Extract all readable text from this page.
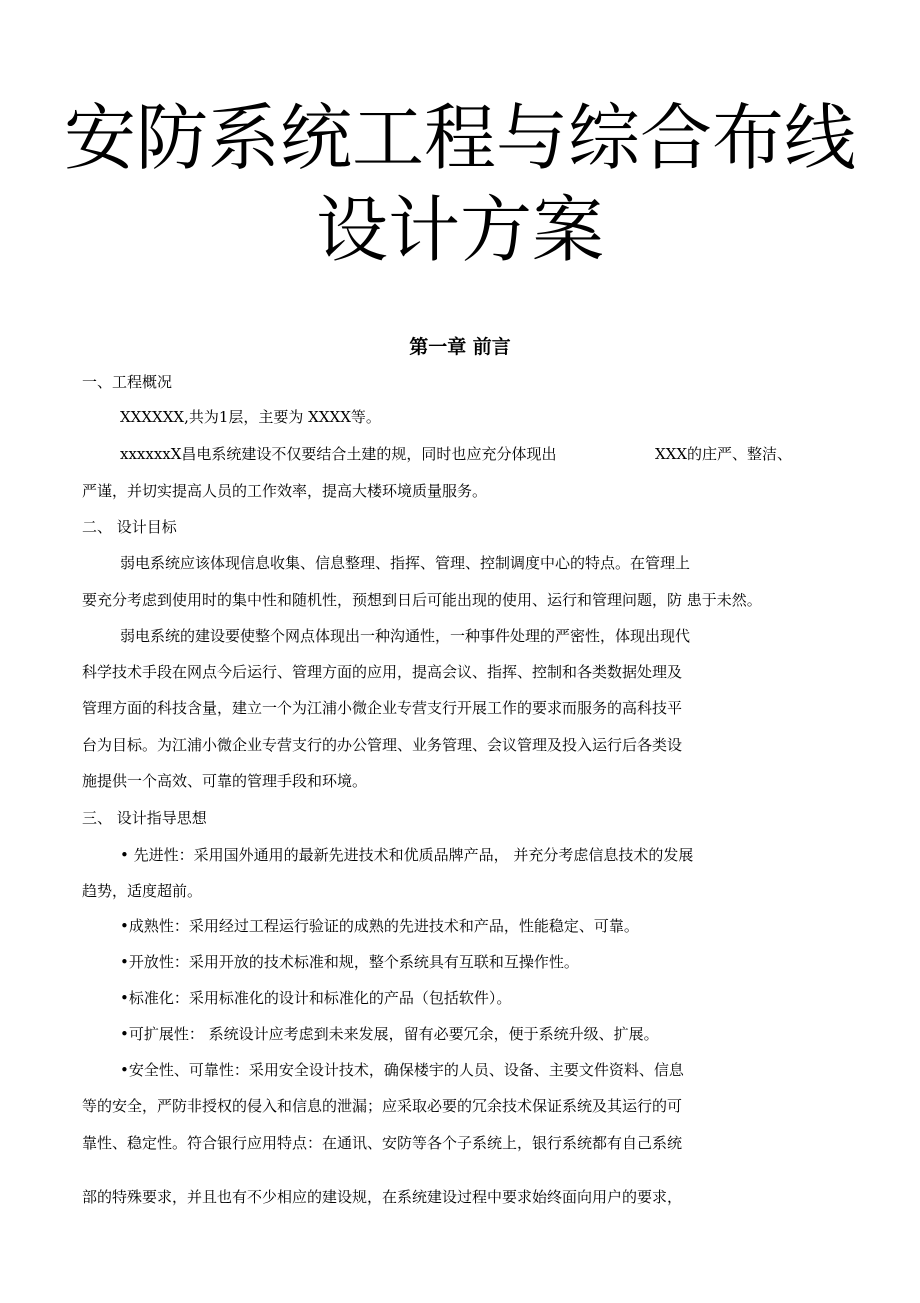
安防系统工程与综合布线
设计方案
第一章 前言
一、工程概况
XXXXXX,共为1层，主要为 XXXX等。
xxxxxxX昌电系统建设不仅要结合土建的规，同时也应充分体现出	XXX的庄严、整洁、
严谨，并切实提高人员的工作效率，提高大楼环境质量服务。
二、 设计目标
弱电系统应该体现信息收集、信息整理、指挥、管理、控制调度中心的特点。在管理上
要充分考虑到使用时的集中性和随机性，预想到日后可能出现的使用、运行和管理问题，防 患于未然。
弱电系统的建设要使整个网点体现出一种沟通性，一种事件处理的严密性，体现出现代
科学技术手段在网点今后运行、管理方面的应用，提高会议、指挥、控制和各类数据处理及
管理方面的科技含量，建立一个为江浦小微企业专营支行开展工作的要求而服务的高科技平
台为目标。为江浦小微企业专营支行的办公管理、业务管理、会议管理及投入运行后各类设
施提供一个高效、可靠的管理手段和环境。
三、 设计指导思想
• 先进性：采用国外通用的最新先进技术和优质品牌产品， 并充分考虑信息技术的发展
趋势，适度超前。
•成熟性：采用经过工程运行验证的成熟的先进技术和产品，性能稳定、可靠。
•开放性：采用开放的技术标准和规，整个系统具有互联和互操作性。
•标准化：采用标准化的设计和标准化的产品（包括软件）。
•可扩展性： 系统设计应考虑到未来发展，留有必要冗余，便于系统升级、扩展。
•安全性、可靠性：采用安全设计技术，确保楼宇的人员、设备、主要文件资料、信息
等的安全，严防非授权的侵入和信息的泄漏；应采取必要的冗余技术保证系统及其运行的可
靠性、稳定性。符合银行应用特点：在通讯、安防等各个子系统上，银行系统都有自己系统
部的特殊要求，并且也有不少相应的建设规，在系统建设过程中要求始终面向用户的要求，
